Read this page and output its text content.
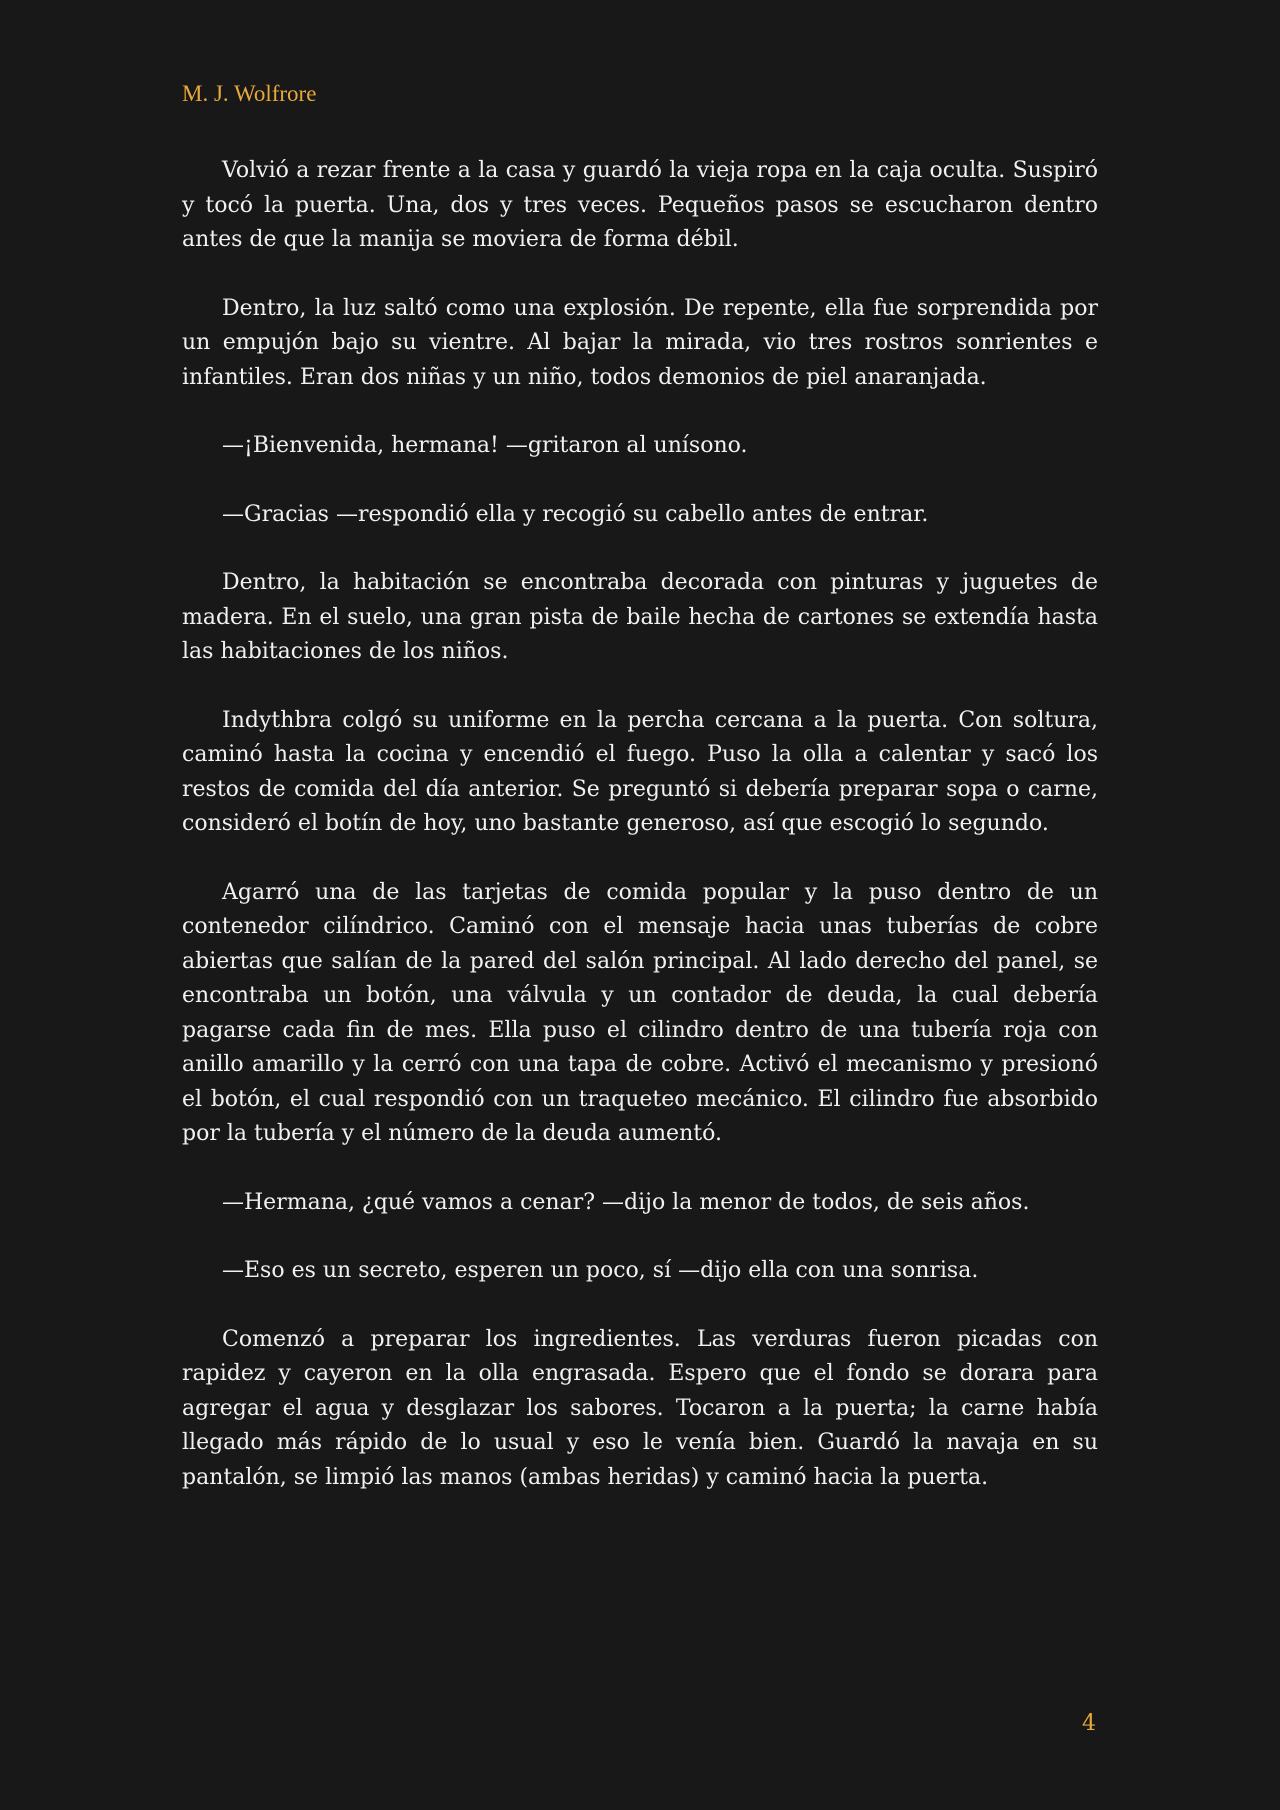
M. J. Wolfrore

Volvió a rezar frente a la casa y guardó la vieja ropa en la caja oculta. Suspiró y tocó la puerta. Una, dos y tres veces. Pequeños pasos se escucharon dentro antes de que la manija se moviera de forma débil.

Dentro, la luz saltó como una explosión. De repente, ella fue sorprendida por un empujón bajo su vientre. Al bajar la mirada, vio tres rostros sonrientes e infantiles. Eran dos niñas y un niño, todos demonios de piel anaranjada.

—¡Bienvenida, hermana! —gritaron al unísono.

—Gracias —respondió ella y recogió su cabello antes de entrar.

Dentro, la habitación se encontraba decorada con pinturas y juguetes de madera. En el suelo, una gran pista de baile hecha de cartones se extendía hasta las habitaciones de los niños.

Indythbra colgó su uniforme en la percha cercana a la puerta. Con soltura, caminó hasta la cocina y encendió el fuego. Puso la olla a calentar y sacó los restos de comida del día anterior. Se preguntó si debería preparar sopa o carne, consideró el botín de hoy, uno bastante generoso, así que escogió lo segundo.

Agarró una de las tarjetas de comida popular y la puso dentro de un contenedor cilíndrico. Caminó con el mensaje hacia unas tuberías de cobre abiertas que salían de la pared del salón principal. Al lado derecho del panel, se encontraba un botón, una válvula y un contador de deuda, la cual debería pagarse cada fin de mes. Ella puso el cilindro dentro de una tubería roja con anillo amarillo y la cerró con una tapa de cobre. Activó el mecanismo y presionó el botón, el cual respondió con un traqueteo mecánico. El cilindro fue absorbido por la tubería y el número de la deuda aumentó.

—Hermana, ¿qué vamos a cenar? —dijo la menor de todos, de seis años.

—Eso es un secreto, esperen un poco, sí —dijo ella con una sonrisa.

Comenzó a preparar los ingredientes. Las verduras fueron picadas con rapidez y cayeron en la olla engrasada. Espero que el fondo se dorara para agregar el agua y desglazar los sabores. Tocaron a la puerta; la carne había llegado más rápido de lo usual y eso le venía bien. Guardó la navaja en su pantalón, se limpió las manos (ambas heridas) y caminó hacia la puerta.

4
